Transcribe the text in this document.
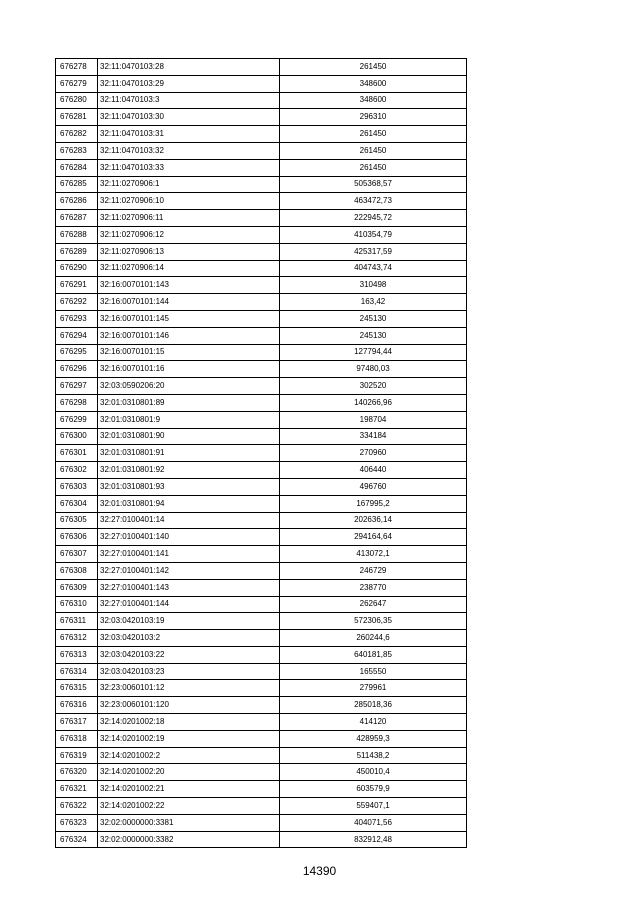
676278	32:11:0470103:28	261450
676279	32:11:0470103:29	348600
676280	32:11:0470103:3	348600
676281	32:11:0470103:30	296310
676282	32:11:0470103:31	261450
676283	32:11:0470103:32	261450
676284	32:11:0470103:33	261450
676285	32:11:0270906:1	505368,57
676286	32:11:0270906:10	463472,73
676287	32:11:0270906:11	222945,72
676288	32:11:0270906:12	410354,79
676289	32:11:0270906:13	425317,59
676290	32:11:0270906:14	404743,74
676291	32:16:0070101:143	310498
676292	32:16:0070101:144	163,42
676293	32:16:0070101:145	245130
676294	32:16:0070101:146	245130
676295	32:16:0070101:15	127794,44
676296	32:16:0070101:16	97480,03
676297	32:03:0590206:20	302520
676298	32:01:0310801:89	140266,96
676299	32:01:0310801:9	198704
676300	32:01:0310801:90	334184
676301	32:01:0310801:91	270960
676302	32:01:0310801:92	406440
676303	32:01:0310801:93	496760
676304	32:01:0310801:94	167995,2
676305	32:27:0100401:14	202636,14
676306	32:27:0100401:140	294164,64
676307	32:27:0100401:141	413072,1
676308	32:27:0100401:142	246729
676309	32:27:0100401:143	238770
676310	32:27:0100401:144	262647
676311	32:03:0420103:19	572306,35
676312	32:03:0420103:2	260244,6
676313	32:03:0420103:22	640181,85
676314	32:03:0420103:23	165550
676315	32:23:0060101:12	279961
676316	32:23:0060101:120	285018,36
676317	32:14:0201002:18	414120
676318	32:14:0201002:19	428959,3
676319	32:14:0201002:2	511438,2
676320	32:14:0201002:20	450010,4
676321	32:14:0201002:21	603579,9
676322	32:14:0201002:22	559407,1
676323	32:02:0000000:3381	404071,56
676324	32:02:0000000:3382	832912,48
14390
